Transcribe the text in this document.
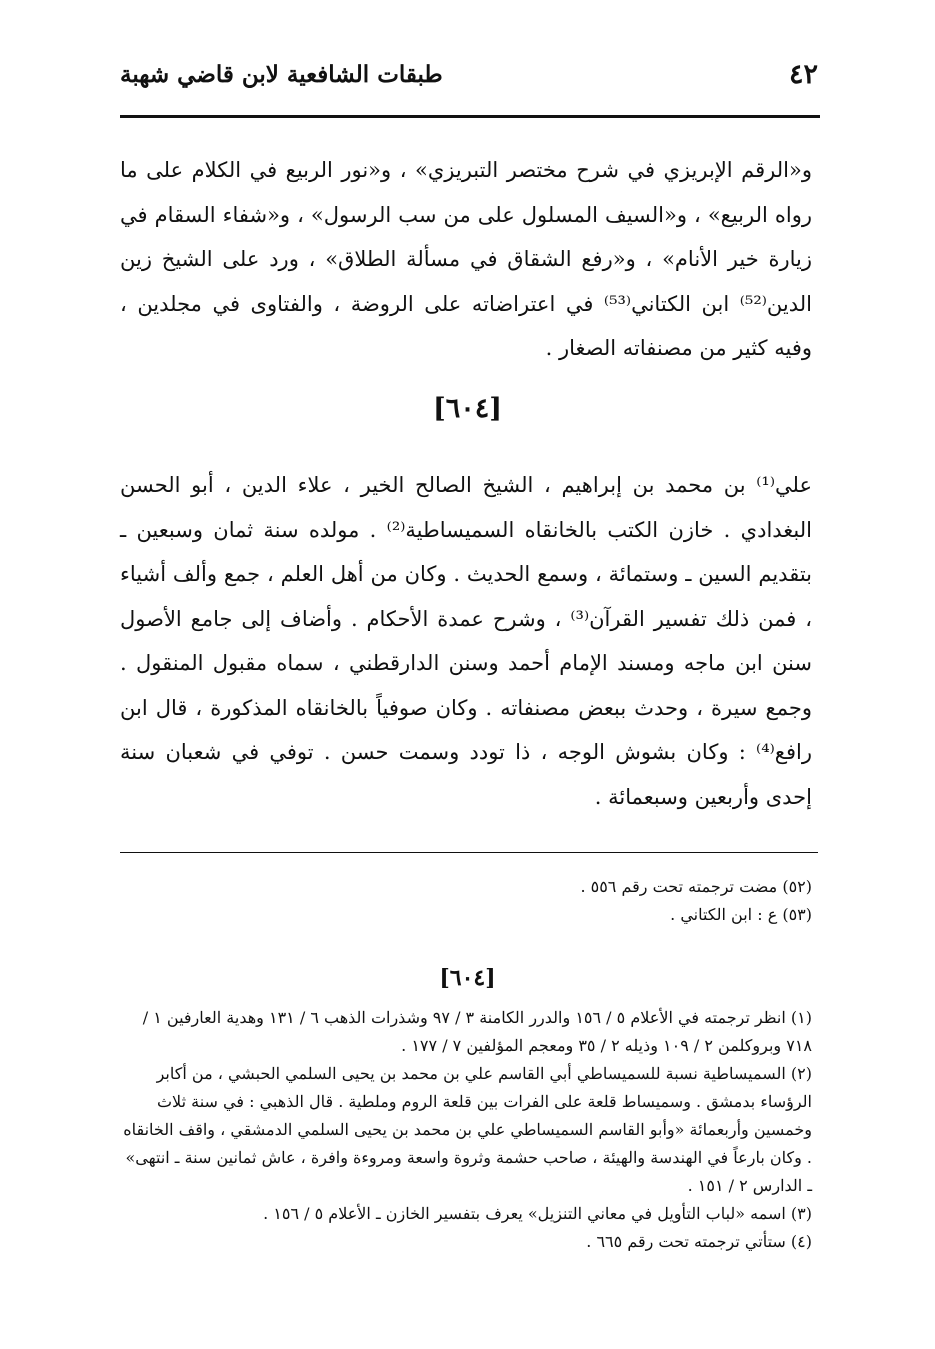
٤٢
طبقات الشافعية لابن قاضي شهبة
و«الرقم الإبريزي في شرح مختصر التبريزي» ، و«نور الربيع في الكلام على ما رواه الربيع» ، و«السيف المسلول على من سب الرسول» ، و«شفاء السقام في زيارة خير الأنام» ، و«رفع الشقاق في مسألة الطلاق» ، ورد على الشيخ زين الدين⁽⁵²⁾ ابن الكتاني⁽⁵³⁾ في اعتراضاته على الروضة ، والفتاوى في مجلدين ، وفيه كثير من مصنفاته الصغار .
[٦٠٤]
علي⁽¹⁾ بن محمد بن إبراهيم ، الشيخ الصالح الخير ، علاء الدين ، أبو الحسن البغدادي . خازن الكتب بالخانقاه السميساطية⁽²⁾ . مولده سنة ثمان وسبعين ـ بتقديم السين ـ وستمائة ، وسمع الحديث . وكان من أهل العلم ، جمع وألف أشياء ، فمن ذلك تفسير القرآن⁽³⁾ ، وشرح عمدة الأحكام . وأضاف إلى جامع الأصول سنن ابن ماجه ومسند الإمام أحمد وسنن الدارقطني ، سماه مقبول المنقول . وجمع سيرة ، وحدث ببعض مصنفاته . وكان صوفياً بالخانقاه المذكورة ، قال ابن رافع⁽⁴⁾ : وكان بشوش الوجه ، ذا تودد وسمت حسن . توفي في شعبان سنة إحدى وأربعين وسبعمائة .
(٥٢) مضت ترجمته تحت رقم ٥٥٦ .
(٥٣) ع : ابن الكتاني .
[٦٠٤]
(١) انظر ترجمته في الأعلام ٥ / ١٥٦ والدرر الكامنة ٣ / ٩٧ وشذرات الذهب ٦ / ١٣١ وهدية العارفين ١ / ٧١٨ وبروكلمن ٢ / ١٠٩ وذيله ٢ / ٣٥ ومعجم المؤلفين ٧ / ١٧٧ .
(٢) السميساطية نسبة للسميساطي أبي القاسم علي بن محمد بن يحيى السلمي الحبشي ، من أكابر الرؤساء بدمشق . وسميساط قلعة على الفرات بين قلعة الروم وملطية . قال الذهبي : في سنة ثلاث وخمسين وأربعمائة «وأبو القاسم السميساطي علي بن محمد بن يحيى السلمي الدمشقي ، واقف الخانقاه . وكان بارعاً في الهندسة والهيئة ، صاحب حشمة وثروة واسعة ومروءة وافرة ، عاش ثمانين سنة ـ انتهى» ـ الدارس ٢ / ١٥١ .
(٣) اسمه «لباب التأويل في معاني التنزيل» يعرف بتفسير الخازن ـ الأعلام ٥ / ١٥٦ .
(٤) ستأتي ترجمته تحت رقم ٦٦٥ .
